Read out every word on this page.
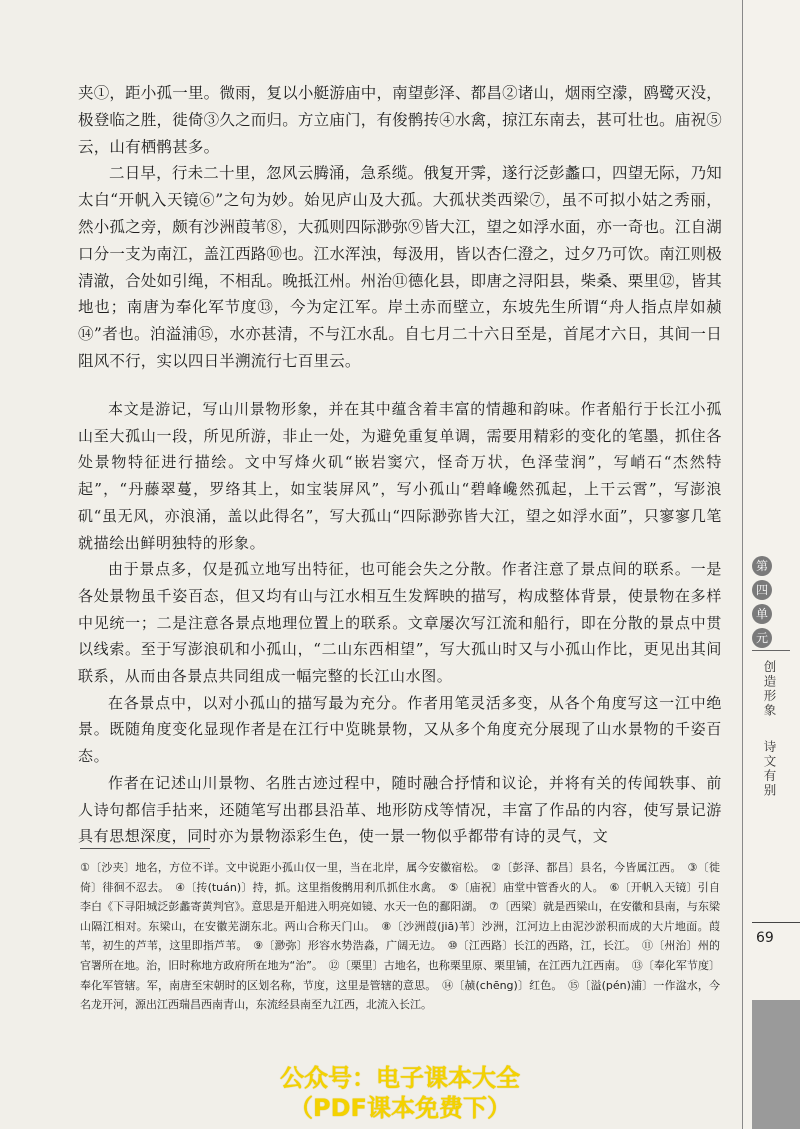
夹①，距小孤一里。微雨，复以小艇游庙中，南望彭泽、都昌②诸山，烟雨空濛，鸥鹭灭没，极登临之胜，徙倚③久之而归。方立庙门，有俊鹘抟④水禽，掠江东南去，甚可壮也。庙祝⑤云，山有栖鹘甚多。

二日早，行未二十里，忽风云腾涌，急系缆。俄复开霁，遂行泛彭蠡口，四望无际，乃知太白“开帆入天镜⑥”之句为妙。始见庐山及大孤。大孤状类西梁⑦，虽不可拟小姑之秀丽，然小孤之旁，颇有沙洲葭苇⑧，大孤则四际渺弥⑨皆大江，望之如浮水面，亦一奇也。江自湖口分一支为南江，盖江西路⑩也。江水浑浊，每汲用，皆以杏仁澄之，过夕乃可饮。南江则极清澈，合处如引绳，不相乱。晚抵江州。州治⑪德化县，即唐之浔阳县，柴桑、栗里⑫，皆其地也；南唐为奉化军节度⑬，今为定江军。岸土赤而壁立，东坡先生所谓“舟人指点岸如赪⑭”者也。泊溢浦⑮，水亦甚清，不与江水乱。自七月二十六日至是，首尾才六日，其间一日阻风不行，实以四日半溯流行七百里云。

本文是游记，写山川景物形象，并在其中蕴含着丰富的情趣和韵味。作者船行于长江小孤山至大孤山一段，所见所游，非止一处，为避免重复单调，需要用精彩的变化的笔墨，抓住各处景物特征进行描绘。文中写烽火矶“嵌岩窦穴，怪奇万状，色泽莹润”，写峭石“杰然特起”，“丹藤翠蔓，罗络其上，如宝装屏风”，写小孤山“碧峰巉然孤起，上干云霄”，写澎浪矶“虽无风，亦浪涌，盖以此得名”，写大孤山“四际渺弥皆大江，望之如浮水面”，只寥寥几笔就描绘出鲜明独特的形象。

由于景点多，仅是孤立地写出特征，也可能会失之分散。作者注意了景点间的联系。一是各处景物虽千姿百态，但又均有山与江水相互生发辉映的描写，构成整体背景，使景物在多样中见统一；二是注意各景点地理位置上的联系。文章屡次写江流和船行，即在分散的景点中贯以线索。至于写澎浪矶和小孤山，“二山东西相望”，写大孤山时又与小孤山作比，更见出其间联系，从而由各景点共同组成一幅完整的长江山水图。

在各景点中，以对小孤山的描写最为充分。作者用笔灵活多变，从各个角度写这一江中绝景。既随角度变化显现作者是在江行中览眺景物，又从多个角度充分展现了山水景物的千姿百态。

作者在记述山川景物、名胜古迹过程中，随时融合抒情和议论，并将有关的传闻轶事、前人诗句都信手拈来，还随笔写出郡县沿革、地形防戍等情况，丰富了作品的内容，使写景记游具有思想深度，同时亦为景物添彩生色，使一景一物似乎都带有诗的灵气，文

①〔沙夹〕地名，方位不详。文中说距小孤山仅一里，当在北岸，属今安徽宿松。　②〔彭泽、都昌〕县名，今皆属江西。　③〔徙倚〕徘徊不忍去。　④〔抟(tuán)〕持，抓。这里指俊鹘用利爪抓住水禽。　⑤〔庙祝〕庙堂中管香火的人。　⑥〔开帆入天镜〕引自李白《下寻阳城泛彭蠡寄黄判官》。意思是开船进入明亮如镜、水天一色的鄱阳湖。　⑦〔西梁〕就是西梁山，在安徽和县南，与东梁山隔江相对。东梁山，在安徽芜湖东北。两山合称天门山。　⑧〔沙洲葭(jiā)苇〕沙洲，江河边上由泥沙淤积而成的大片地面。葭苇，初生的芦苇，这里即指芦苇。　⑨〔渺弥〕形容水势浩淼，广阔无边。　⑩〔江西路〕长江的西路，江，长江。　⑪〔州治〕州的官署所在地。治，旧时称地方政府所在地为“治”。　⑫〔栗里〕古地名，也称栗里原、栗里铺，在江西九江西南。　⑬〔奉化军节度〕奉化军管辖。军，南唐至宋朝时的区划名称，节度，这里是管辖的意思。　⑭〔赪(chēng)〕红色。　⑮〔溢(pén)浦〕一作湓水，今名龙开河，源出江西瑞昌西南青山，东流经县南至九江西，北流入长江。

第
四
单
元
创造形象
诗文有别
69
公众号：电子课本大全
（PDF课本免费下）
